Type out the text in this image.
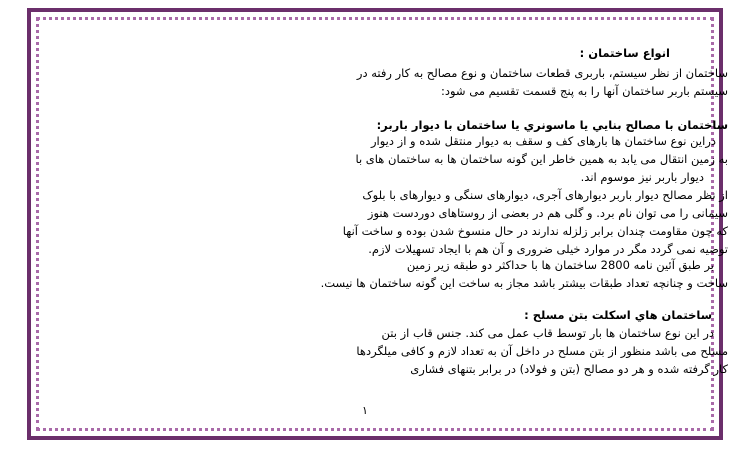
انواع ساختمان :
ساختمان از نظر سیستم، باربری قطعات ساختمان و نوع مصالح به کار رفته در
سیستم باربر ساختمان آنها را به پنج قسمت تقسیم می شود:
ساختمان با مصالح بنايي يا ماسونري يا ساختمان با ديوار باربر:
دراین نوع ساختمان ها بارهای کف و سقف به دیوار منتقل شده و از دیوار
به زمین انتقال می یابد به همین خاطر این گونه ساختمان ها به ساختمان های با
دیوار باربر نیز موسوم اند.
از نظر مصالح دیوار باربر دیوارهای آجری، دیوارهای سنگی و دیوارهای با بلوک
سیمانی را می توان نام برد. و گلی هم در بعضی از روستاهای دوردست هنوز
که چون مقاومت چندان برابر زلزله ندارند در حال منسوخ شدن بوده و ساخت آنها
توصیه نمی گردد مگر در موارد خیلی ضروری و آن هم با ایجاد تسهیلات لازم.
بر طبق آئین نامه 2800 ساختمان ها با حداکثر دو طبقه زیر زمین
ساخت و چنانچه تعداد طبقات بیشتر باشد مجاز به ساخت این گونه ساختمان ها نیست.
ساختمان هاي اسكلت بتن مسلح :
در این نوع ساختمان ها بار توسط قاب عمل می کند. جنس قاب از بتن
مسلح می باشد منظور از بتن مسلح در داخل آن به تعداد لازم و کافی میلگردها
کار گرفته شده و هر دو مصالح (بتن و فولاد) در برابر بتنهای فشاری
١
